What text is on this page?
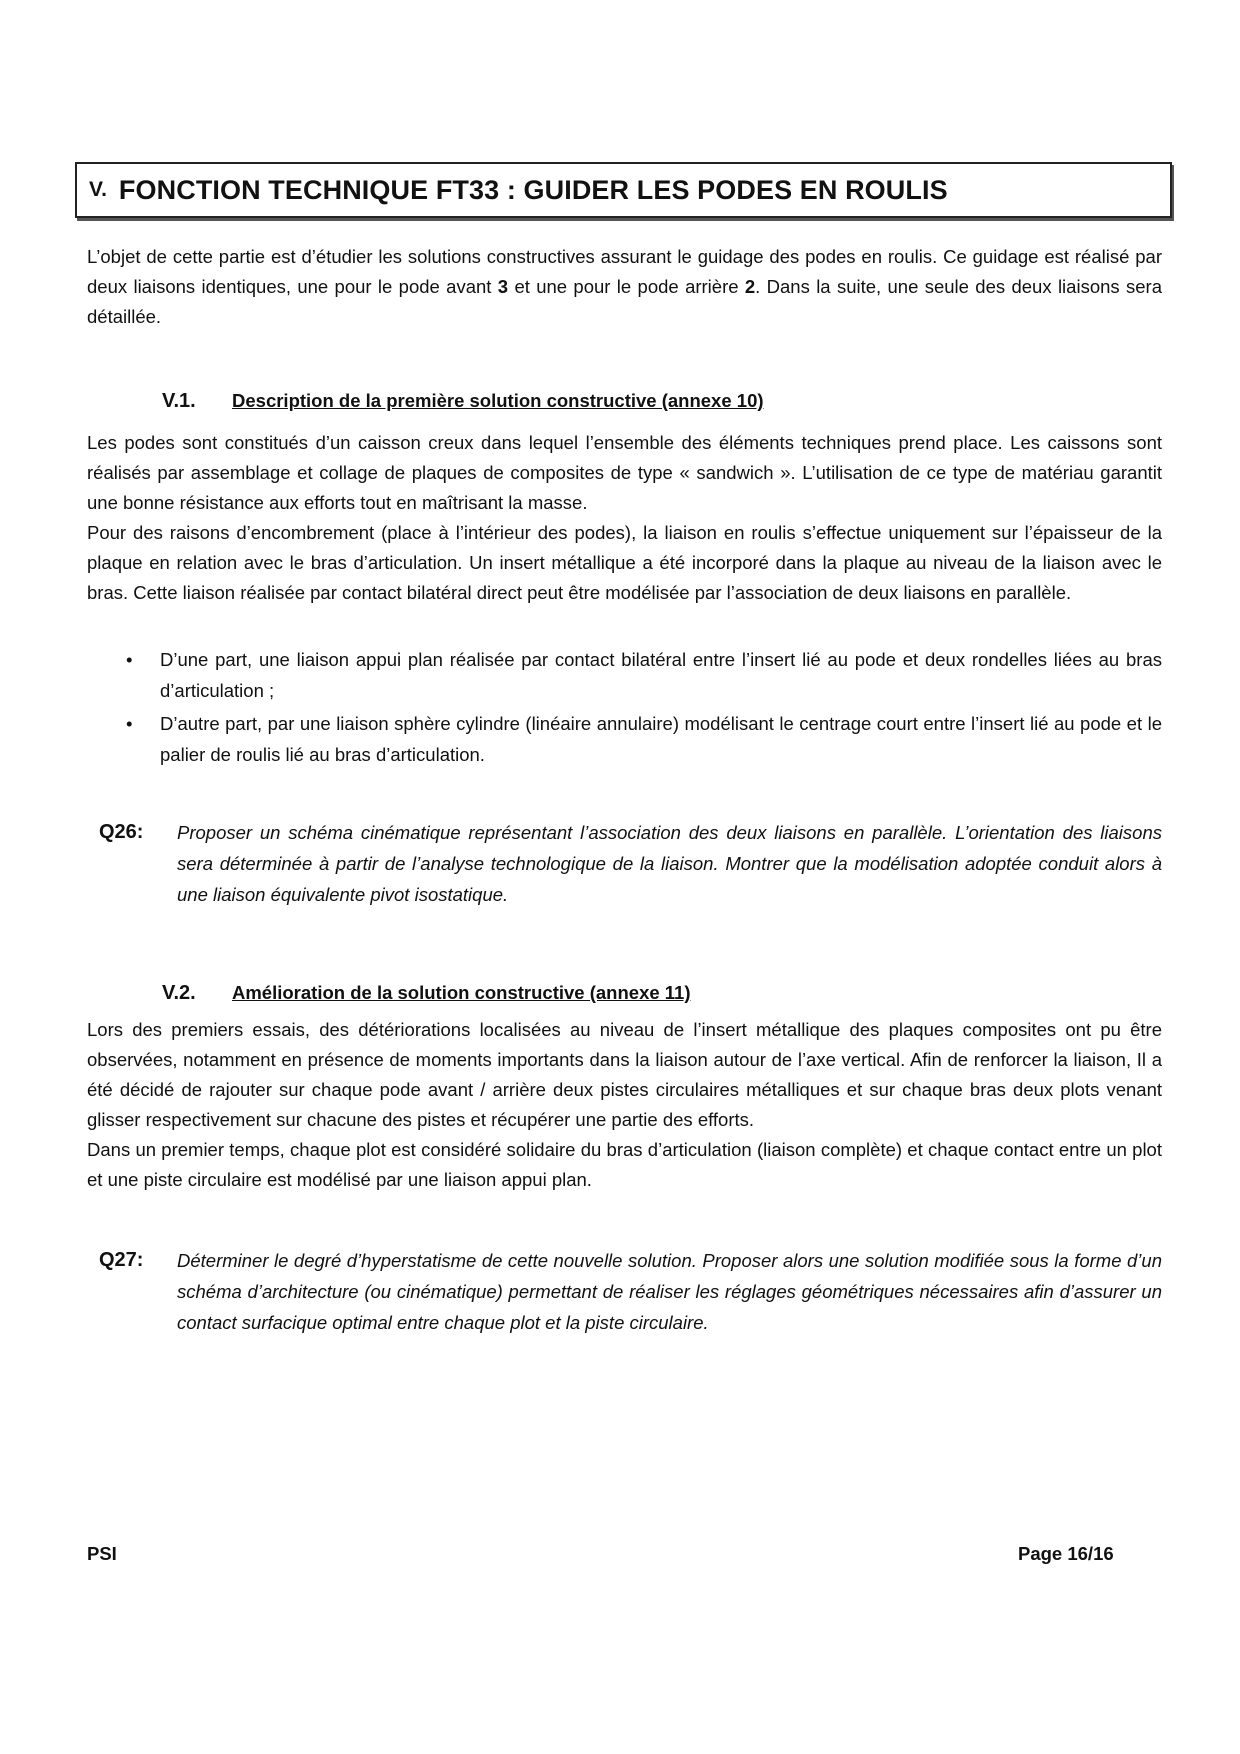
V. FONCTION TECHNIQUE FT33 : GUIDER LES PODES EN ROULIS

L’objet de cette partie est d’étudier les solutions constructives assurant le guidage des podes en roulis. Ce guidage est réalisé par deux liaisons identiques, une pour le pode avant 3 et une pour le pode arrière 2. Dans la suite, une seule des deux liaisons sera détaillée.

V.1. Description de la première solution constructive (annexe 10)

Les podes sont constitués d’un caisson creux dans lequel l’ensemble des éléments techniques prend place. Les caissons sont réalisés par assemblage et collage de plaques de composites de type « sandwich ». L’utilisation de ce type de matériau garantit une bonne résistance aux efforts tout en maîtrisant la masse.

Pour des raisons d’encombrement (place à l’intérieur des podes), la liaison en roulis s’effectue uniquement sur l’épaisseur de la plaque en relation avec le bras d’articulation. Un insert métallique a été incorporé dans la plaque au niveau de la liaison avec le bras. Cette liaison réalisée par contact bilatéral direct peut être modélisée par l’association de deux liaisons en parallèle.

• D’une part, une liaison appui plan réalisée par contact bilatéral entre l’insert lié au pode et deux rondelles liées au bras d’articulation ;
• D’autre part, par une liaison sphère cylindre (linéaire annulaire) modélisant le centrage court entre l’insert lié au pode et le palier de roulis lié au bras d’articulation.
Q26: Proposer un schéma cinématique représentant l’association des deux liaisons en parallèle. L’orientation des liaisons sera déterminée à partir de l’analyse technologique de la liaison. Montrer que la modélisation adoptée conduit alors à une liaison équivalente pivot isostatique.
V.2. Amélioration de la solution constructive (annexe 11)

Lors des premiers essais, des détériorations localisées au niveau de l’insert métallique des plaques composites ont pu être observées, notamment en présence de moments importants dans la liaison autour de l’axe vertical. Afin de renforcer la liaison, Il a été décidé de rajouter sur chaque pode avant / arrière deux pistes circulaires métalliques et sur chaque bras deux plots venant glisser respectivement sur chacune des pistes et récupérer une partie des efforts.

Dans un premier temps, chaque plot est considéré solidaire du bras d’articulation (liaison complète) et chaque contact entre un plot et une piste circulaire est modélisé par une liaison appui plan.

Q27: Déterminer le degré d’hyperstatisme de cette nouvelle solution. Proposer alors une solution modifiée sous la forme d’un schéma d’architecture (ou cinématique) permettant de réaliser les réglages géométriques nécessaires afin d’assurer un contact surfacique optimal entre chaque plot et la piste circulaire.
PSI	Page 16/16
